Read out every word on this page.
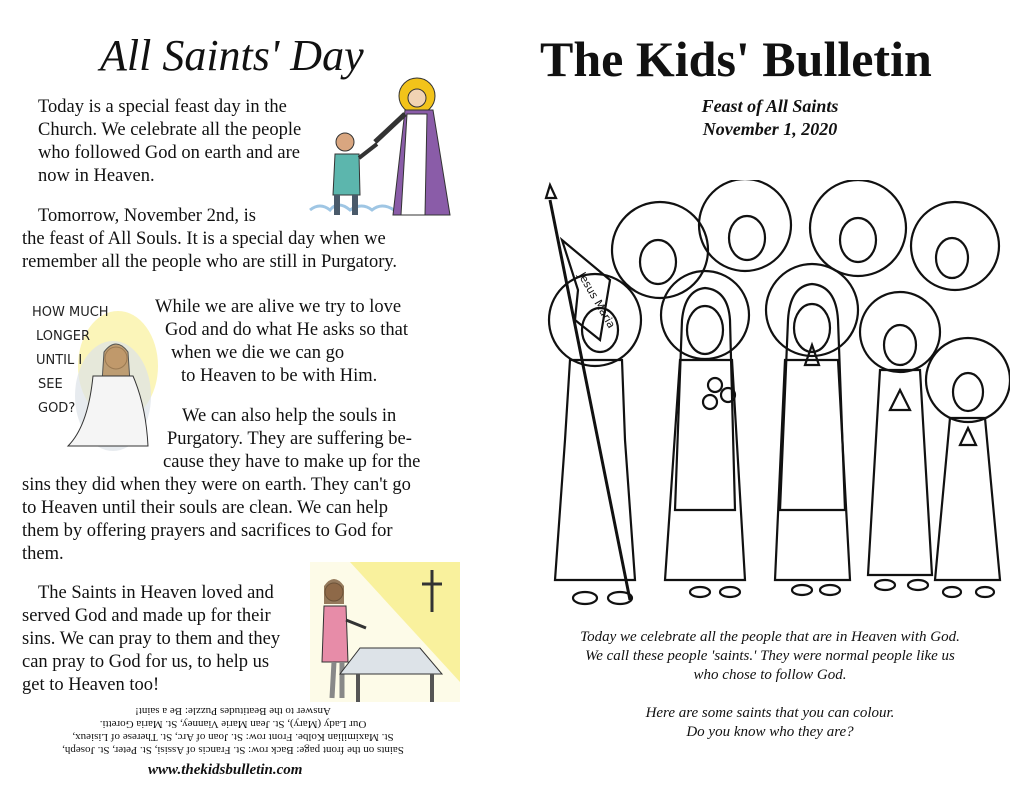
All Saints' Day
Today is a special feast day in the
Church. We celebrate all the people
who followed God on earth and are
now in Heaven.
Tomorrow, November 2nd, is
the feast of All Souls. It is a special day when we
remember all the people who are still in Purgatory.
HOW MUCH
LONGER
UNTIL I
SEE
GOD?
While we are alive we try to love
God and do what He asks so that
when we die we can go
to Heaven to be with Him.
We can also help the souls in
Purgatory. They are suffering be-
cause they have to make up for the
sins they did when they were on earth. They can't go
to Heaven until their souls are clean. We can help
them by offering prayers and sacrifices to God for
them.
The Saints in Heaven loved and
served God and made up for their
sins. We can pray to them and they
can pray to God for us, to help us
get to Heaven too!
Saints on the front page: Back row: St. Francis of Assisi, St. Peter, St. Joseph,
St. Maximilian Kolbe. Front row: St. Joan of Arc, St. Therese of Lisieux,
Our Lady (Mary), St. Jean Marie Vianney, St. Maria Goretti.
Answer to the Beatitudes Puzzle: Be a saint!
www.thekidsbulletin.com
The Kids' Bulletin
Feast of All Saints
November 1, 2020
Jesus Maria
Today we celebrate all the people that are in Heaven with God.
We call these people 'saints.' They were normal people like us
who chose to follow God.

Here are some saints that you can colour.
Do you know who they are?
